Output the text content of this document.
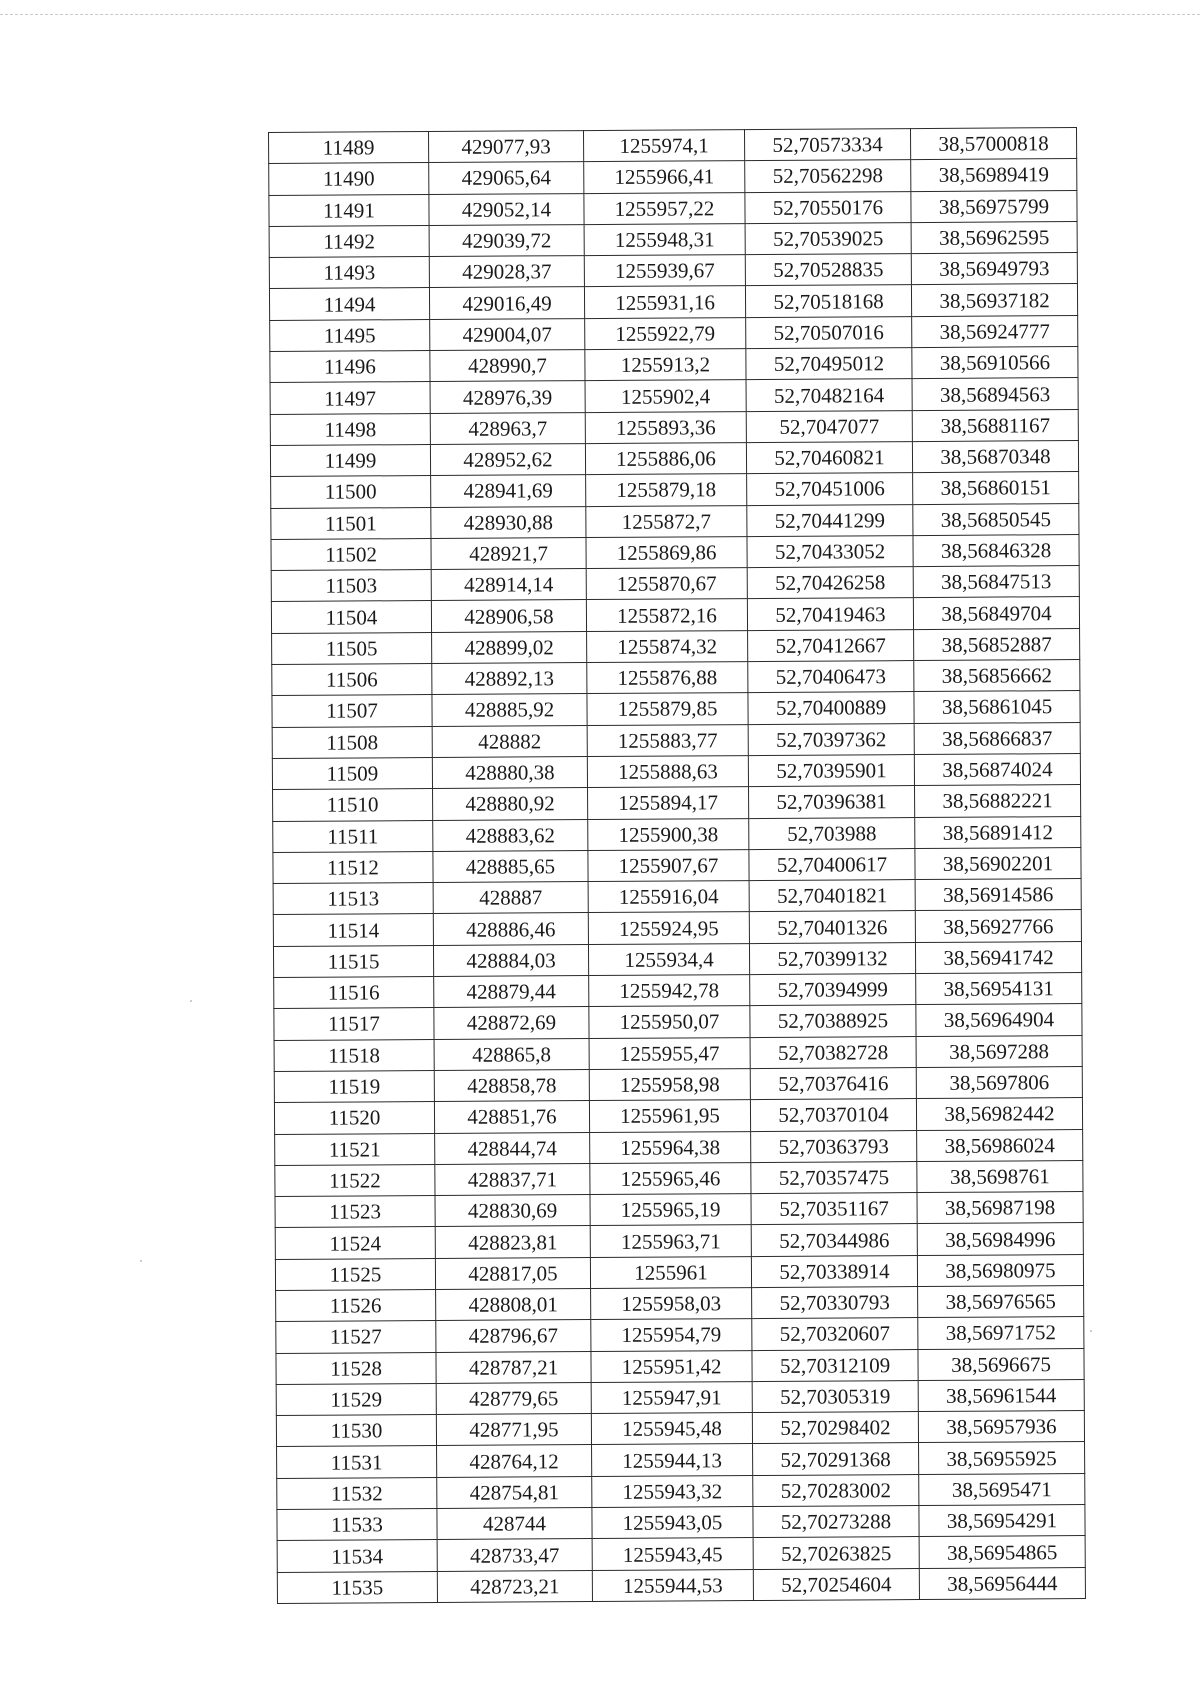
11489	429077,93	1255974,1	52,70573334	38,57000818
11490	429065,64	1255966,41	52,70562298	38,56989419
11491	429052,14	1255957,22	52,70550176	38,56975799
11492	429039,72	1255948,31	52,70539025	38,56962595
11493	429028,37	1255939,67	52,70528835	38,56949793
11494	429016,49	1255931,16	52,70518168	38,56937182
11495	429004,07	1255922,79	52,70507016	38,56924777
11496	428990,7	1255913,2	52,70495012	38,56910566
11497	428976,39	1255902,4	52,70482164	38,56894563
11498	428963,7	1255893,36	52,7047077	38,56881167
11499	428952,62	1255886,06	52,70460821	38,56870348
11500	428941,69	1255879,18	52,70451006	38,56860151
11501	428930,88	1255872,7	52,70441299	38,56850545
11502	428921,7	1255869,86	52,70433052	38,56846328
11503	428914,14	1255870,67	52,70426258	38,56847513
11504	428906,58	1255872,16	52,70419463	38,56849704
11505	428899,02	1255874,32	52,70412667	38,56852887
11506	428892,13	1255876,88	52,70406473	38,56856662
11507	428885,92	1255879,85	52,70400889	38,56861045
11508	428882	1255883,77	52,70397362	38,56866837
11509	428880,38	1255888,63	52,70395901	38,56874024
11510	428880,92	1255894,17	52,70396381	38,56882221
11511	428883,62	1255900,38	52,703988	38,56891412
11512	428885,65	1255907,67	52,70400617	38,56902201
11513	428887	1255916,04	52,70401821	38,56914586
11514	428886,46	1255924,95	52,70401326	38,56927766
11515	428884,03	1255934,4	52,70399132	38,56941742
11516	428879,44	1255942,78	52,70394999	38,56954131
11517	428872,69	1255950,07	52,70388925	38,56964904
11518	428865,8	1255955,47	52,70382728	38,5697288
11519	428858,78	1255958,98	52,70376416	38,5697806
11520	428851,76	1255961,95	52,70370104	38,56982442
11521	428844,74	1255964,38	52,70363793	38,56986024
11522	428837,71	1255965,46	52,70357475	38,5698761
11523	428830,69	1255965,19	52,70351167	38,56987198
11524	428823,81	1255963,71	52,70344986	38,56984996
11525	428817,05	1255961	52,70338914	38,56980975
11526	428808,01	1255958,03	52,70330793	38,56976565
11527	428796,67	1255954,79	52,70320607	38,56971752
11528	428787,21	1255951,42	52,70312109	38,5696675
11529	428779,65	1255947,91	52,70305319	38,56961544
11530	428771,95	1255945,48	52,70298402	38,56957936
11531	428764,12	1255944,13	52,70291368	38,56955925
11532	428754,81	1255943,32	52,70283002	38,5695471
11533	428744	1255943,05	52,70273288	38,56954291
11534	428733,47	1255943,45	52,70263825	38,56954865
11535	428723,21	1255944,53	52,70254604	38,56956444
